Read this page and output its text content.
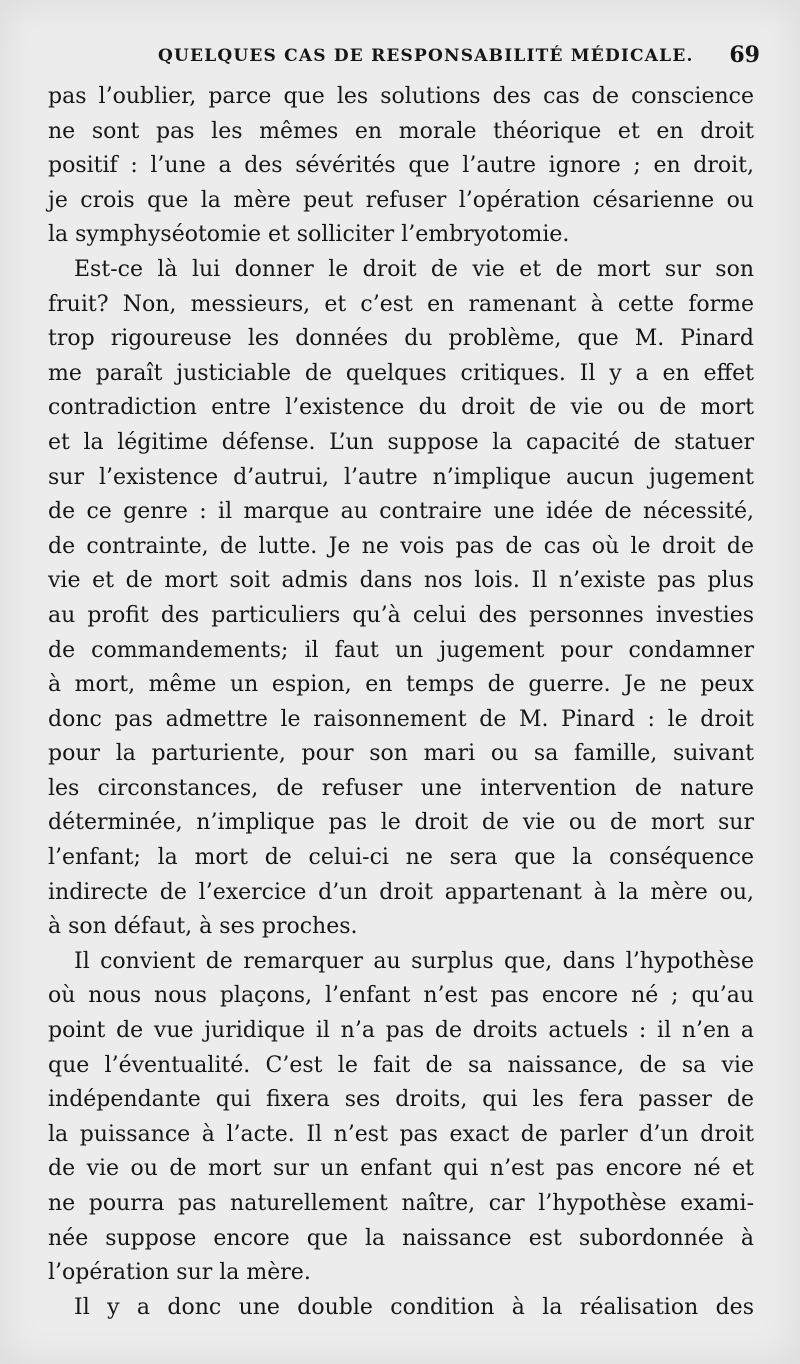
QUELQUES CAS DE RESPONSABILITÉ MÉDICALE. 69
pas l’oublier, parce que les solutions des cas de conscience
ne sont pas les mêmes en morale théorique et en droit
positif : l’une a des sévérités que l’autre ignore ; en droit,
je crois que la mère peut refuser l’opération césarienne ou
la symphyséotomie et solliciter l’embryotomie.
Est-ce là lui donner le droit de vie et de mort sur son
fruit? Non, messieurs, et c’est en ramenant à cette forme
trop rigoureuse les données du problème, que M. Pinard
me paraît justiciable de quelques critiques. Il y a en effet
contradiction entre l’existence du droit de vie ou de mort
et la légitime défense. L’un suppose la capacité de statuer
sur l’existence d’autrui, l’autre n’implique aucun jugement
de ce genre : il marque au contraire une idée de nécessité,
de contrainte, de lutte. Je ne vois pas de cas où le droit de
vie et de mort soit admis dans nos lois. Il n’existe pas plus
au profit des particuliers qu’à celui des personnes investies
de commandements; il faut un jugement pour condamner
à mort, même un espion, en temps de guerre. Je ne peux
donc pas admettre le raisonnement de M. Pinard : le droit
pour la parturiente, pour son mari ou sa famille, suivant
les circonstances, de refuser une intervention de nature
déterminée, n’implique pas le droit de vie ou de mort sur
l’enfant; la mort de celui-ci ne sera que la conséquence
indirecte de l’exercice d’un droit appartenant à la mère ou,
à son défaut, à ses proches.
Il convient de remarquer au surplus que, dans l’hypothèse
où nous nous plaçons, l’enfant n’est pas encore né ; qu’au
point de vue juridique il n’a pas de droits actuels : il n’en a
que l’éventualité. C’est le fait de sa naissance, de sa vie
indépendante qui fixera ses droits, qui les fera passer de
la puissance à l’acte. Il n’est pas exact de parler d’un droit
de vie ou de mort sur un enfant qui n’est pas encore né et
ne pourra pas naturellement naître, car l’hypothèse exami-
née suppose encore que la naissance est subordonnée à
l’opération sur la mère.
Il y a donc une double condition à la réalisation des
